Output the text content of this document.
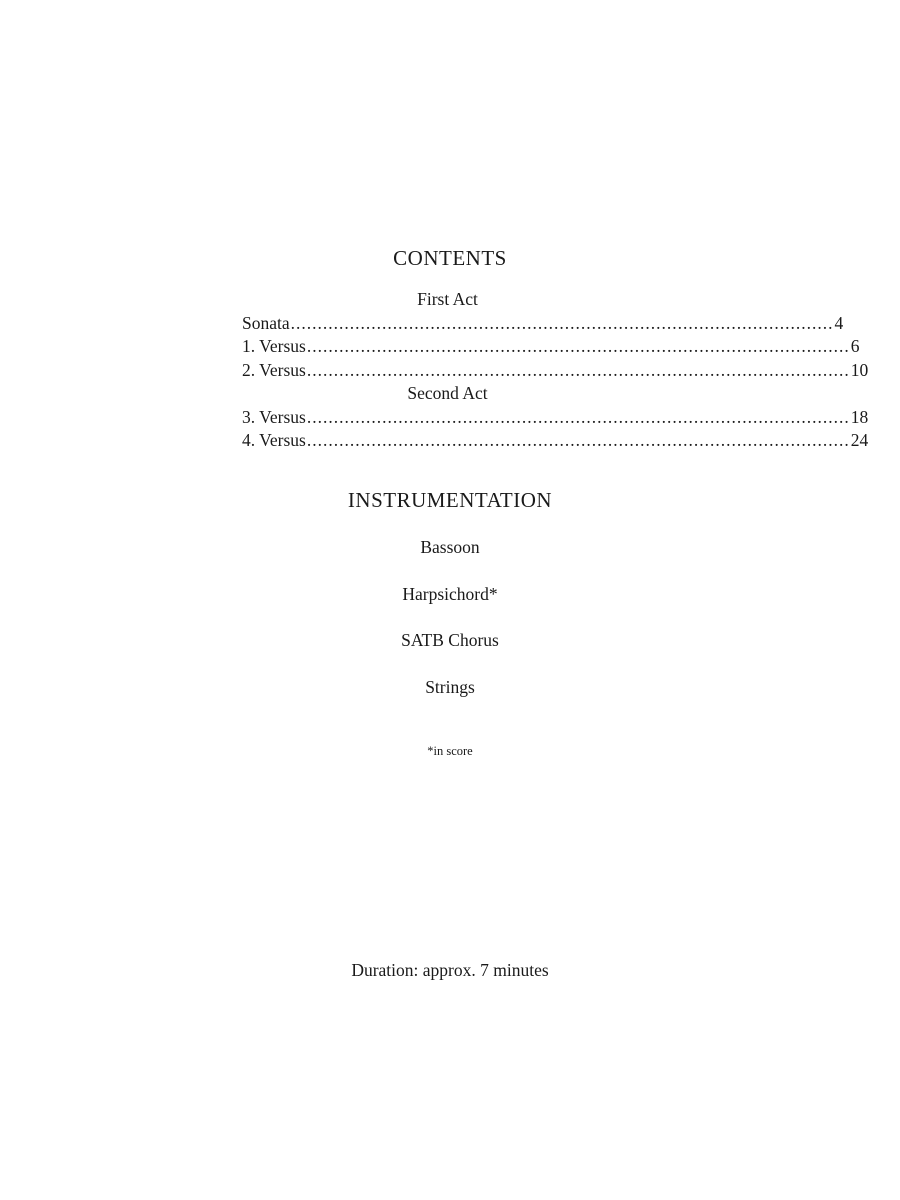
CONTENTS
First Act
Sonata ..................................................................................................... 4
1. Versus ..................................................................................................... 6
2. Versus ..................................................................................................... 10
Second Act
3. Versus ..................................................................................................... 18
4. Versus ..................................................................................................... 24
INSTRUMENTATION
Bassoon
Harpsichord*
SATB Chorus
Strings
*in score
Duration: approx. 7 minutes
